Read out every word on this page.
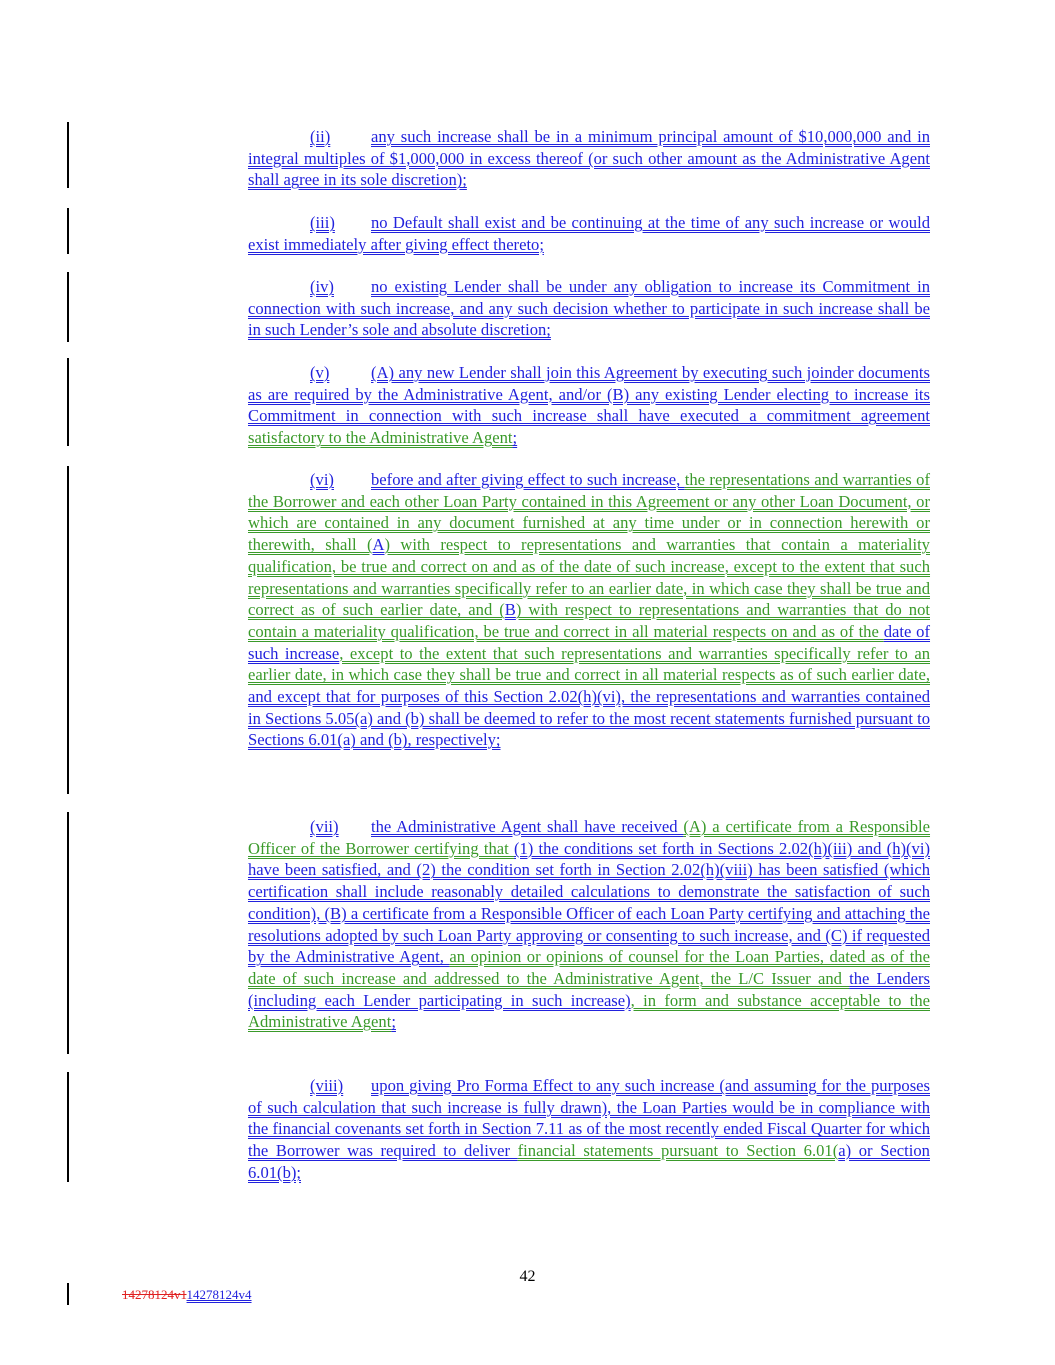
(ii) any such increase shall be in a minimum principal amount of $10,000,000 and in integral multiples of $1,000,000 in excess thereof (or such other amount as the Administrative Agent shall agree in its sole discretion);
(iii) no Default shall exist and be continuing at the time of any such increase or would exist immediately after giving effect thereto;
(iv) no existing Lender shall be under any obligation to increase its Commitment in connection with such increase, and any such decision whether to participate in such increase shall be in such Lender’s sole and absolute discretion;
(v)	(A) any new Lender shall join this Agreement by executing such joinder documents as are required by the Administrative Agent, and/or (B) any existing Lender electing to increase its Commitment in connection with such increase shall have executed a commitment agreement satisfactory to the Administrative Agent;
(vi) before and after giving effect to such increase, the representations and warranties of the Borrower and each other Loan Party contained in this Agreement or any other Loan Document, or which are contained in any document furnished at any time under or in connection herewith or therewith, shall (A) with respect to representations and warranties that contain a materiality qualification, be true and correct on and as of the date of such increase, except to the extent that such representations and warranties specifically refer to an earlier date, in which case they shall be true and correct as of such earlier date, and (B) with respect to representations and warranties that do not contain a materiality qualification, be true and correct in all material respects on and as of the date of such increase, except to the extent that such representations and warranties specifically refer to an earlier date, in which case they shall be true and correct in all material respects as of such earlier date, and except that for purposes of this Section 2.02(h)(vi), the representations and warranties contained in Sections 5.05(a) and (b) shall be deemed to refer to the most recent statements furnished pursuant to Sections 6.01(a) and (b), respectively;
(vii) the Administrative Agent shall have received (A) a certificate from a Responsible Officer of the Borrower certifying that (1) the conditions set forth in Sections 2.02(h)(iii) and (h)(vi) have been satisfied, and (2) the condition set forth in Section 2.02(h)(viii) has been satisfied (which certification shall include reasonably detailed calculations to demonstrate the satisfaction of such condition), (B) a certificate from a Responsible Officer of each Loan Party certifying and attaching the resolutions adopted by such Loan Party approving or consenting to such increase, and (C) if requested by the Administrative Agent, an opinion or opinions of counsel for the Loan Parties, dated as of the date of such increase and addressed to the Administrative Agent, the L/C Issuer and the Lenders (including each Lender participating in such increase), in form and substance acceptable to the Administrative Agent;
(viii) upon giving Pro Forma Effect to any such increase (and assuming for the purposes of such calculation that such increase is fully drawn), the Loan Parties would be in compliance with the financial covenants set forth in Section 7.11 as of the most recently ended Fiscal Quarter for which the Borrower was required to deliver financial statements pursuant to Section 6.01(a) or Section 6.01(b);
42
14278124v114278124v4
